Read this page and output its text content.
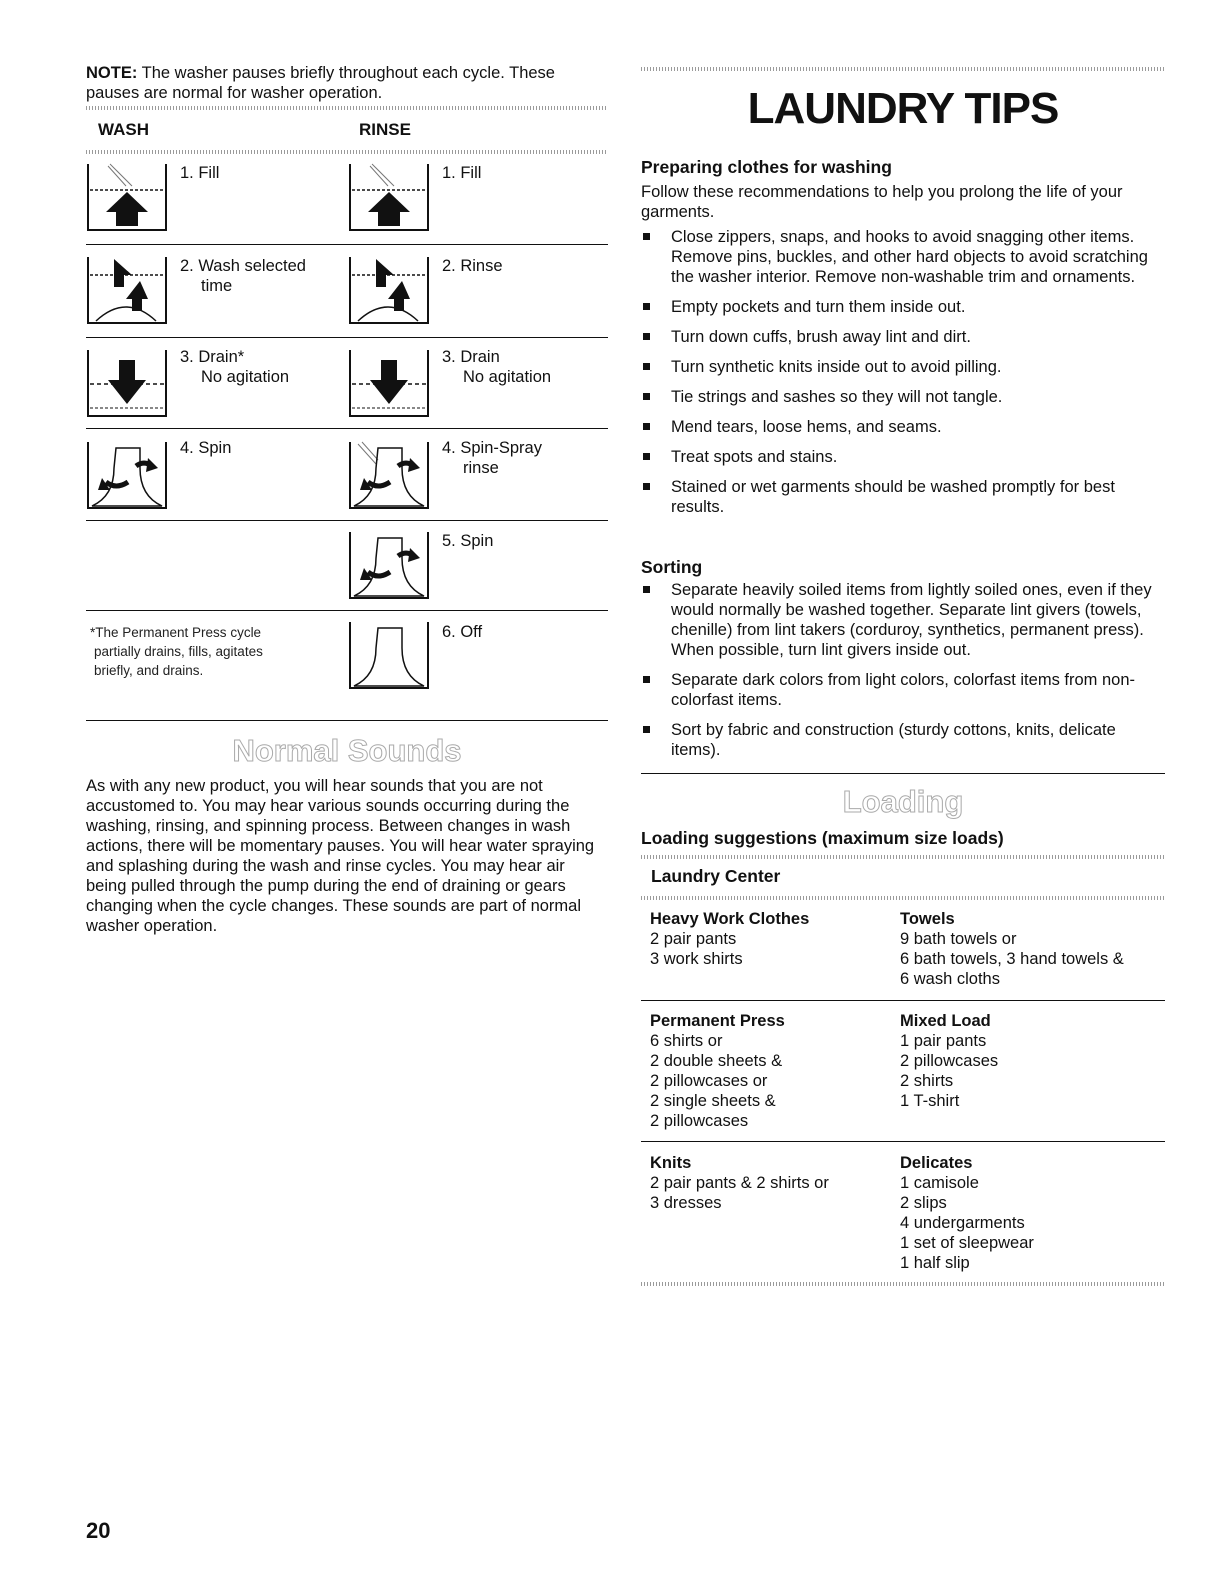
NOTE: The washer pauses briefly throughout each cycle. These
pauses are normal for washer operation.
WASH	RINSE
1. Fill
2. Wash selected
time
3. Drain*
No agitation
4. Spin
1. Fill
2. Rinse
3. Drain
No agitation
4. Spin-Spray
rinse
5. Spin
6. Off
*The Permanent Press cycle
partially drains, fills, agitates
briefly, and drains.
Normal Sounds
As with any new product, you will hear sounds that you are not accustomed to. You may hear various sounds occurring during the washing, rinsing, and spinning process. Between changes in wash actions, there will be momentary pauses. You will hear water spraying and splashing during the wash and rinse cycles. You may hear air being pulled through the pump during the end of draining or gears changing when the cycle changes. These sounds are part of normal washer operation.
LAUNDRY TIPS
Preparing clothes for washing
Follow these recommendations to help you prolong the life of your garments.
Close zippers, snaps, and hooks to avoid snagging other items. Remove pins, buckles, and other hard objects to avoid scratching the washer interior. Remove non-washable trim and ornaments.
Empty pockets and turn them inside out.
Turn down cuffs, brush away lint and dirt.
Turn synthetic knits inside out to avoid pilling.
Tie strings and sashes so they will not tangle.
Mend tears, loose hems, and seams.
Treat spots and stains.
Stained or wet garments should be washed promptly for best results.
Sorting
Separate heavily soiled items from lightly soiled ones, even if they would normally be washed together. Separate lint givers (towels, chenille) from lint takers (corduroy, synthetics, permanent press). When possible, turn lint givers inside out.
Separate dark colors from light colors, colorfast items from non-colorfast items.
Sort by fabric and construction (sturdy cottons, knits, delicate items).
Loading
Loading suggestions (maximum size loads)
Laundry Center
Heavy Work Clothes
2 pair pants
3 work shirts
Towels
9 bath towels or
6 bath towels, 3 hand towels &
6 wash cloths
Permanent Press
6 shirts or
2 double sheets &
2 pillowcases or
2 single sheets &
2 pillowcases
Mixed Load
1 pair pants
2 pillowcases
2 shirts
1 T-shirt
Knits
2 pair pants & 2 shirts or
3 dresses
Delicates
1 camisole
2 slips
4 undergarments
1 set of sleepwear
1 half slip
20
